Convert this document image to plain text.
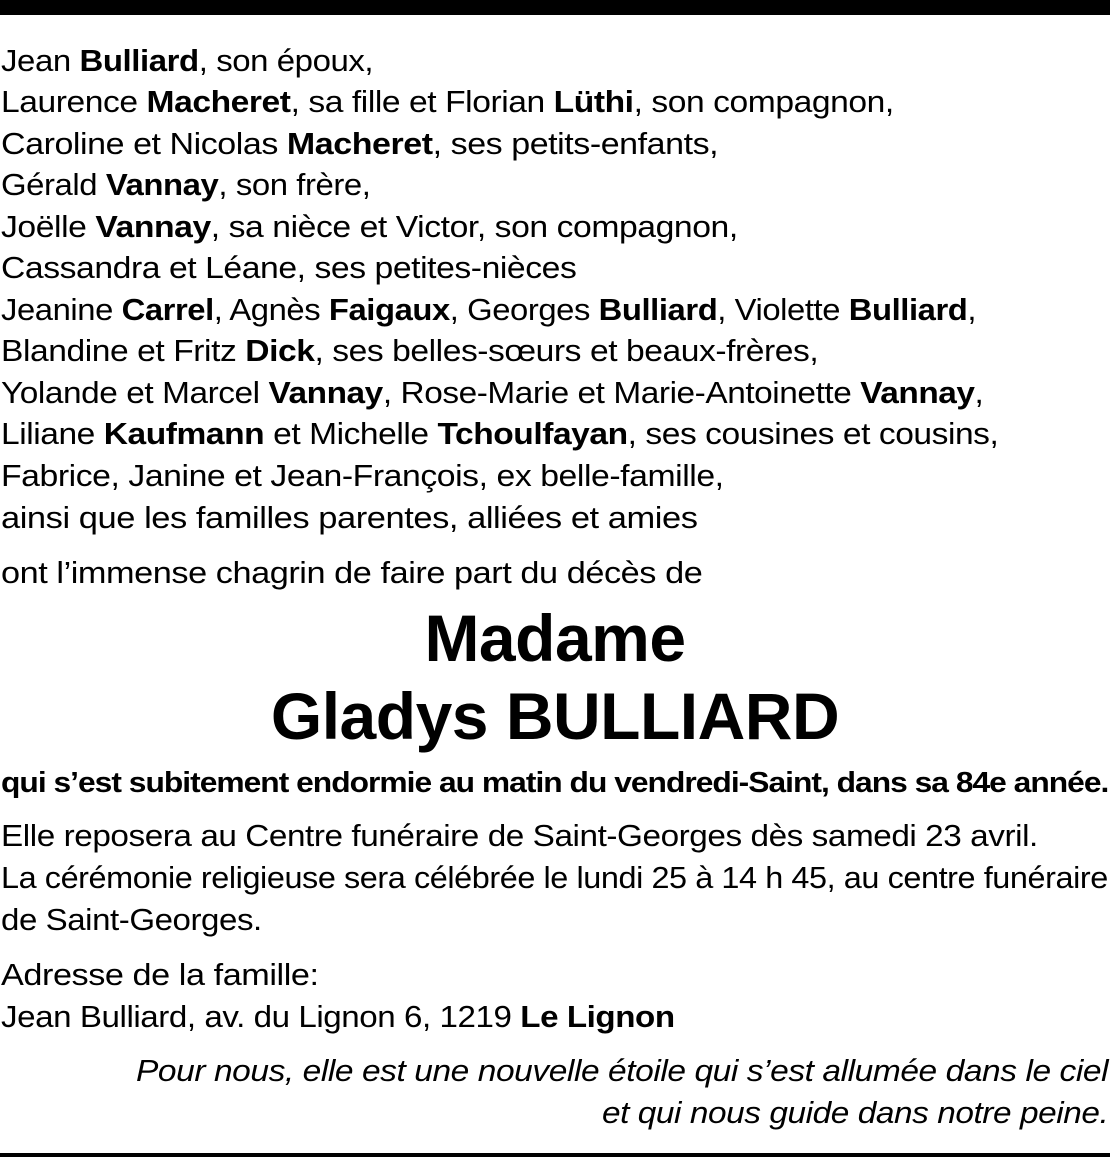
Jean Bulliard, son époux,
Laurence Macheret, sa fille et Florian Lüthi, son compagnon,
Caroline et Nicolas Macheret, ses petits-enfants,
Gérald Vannay, son frère,
Joëlle Vannay, sa nièce et Victor, son compagnon,
Cassandra et Léane, ses petites-nièces
Jeanine Carrel, Agnès Faigaux, Georges Bulliard, Violette Bulliard,
Blandine et Fritz Dick, ses belles-sœurs et beaux-frères,
Yolande et Marcel Vannay, Rose-Marie et Marie-Antoinette Vannay,
Liliane Kaufmann et Michelle Tchoulfayan, ses cousines et cousins,
Fabrice, Janine et Jean-François, ex belle-famille,
ainsi que les familles parentes, alliées et amies
ont l’immense chagrin de faire part du décès de
Madame
Gladys BULLIARD
qui s’est subitement endormie au matin du vendredi-Saint, dans sa 84e année.
Elle reposera au Centre funéraire de Saint-Georges dès samedi 23 avril.
La cérémonie religieuse sera célébrée le lundi 25 à 14 h 45, au centre funéraire
de Saint-Georges.
Adresse de la famille:
Jean Bulliard, av. du Lignon 6, 1219 Le Lignon
Pour nous, elle est une nouvelle étoile qui s’est allumée dans le ciel
et qui nous guide dans notre peine.
